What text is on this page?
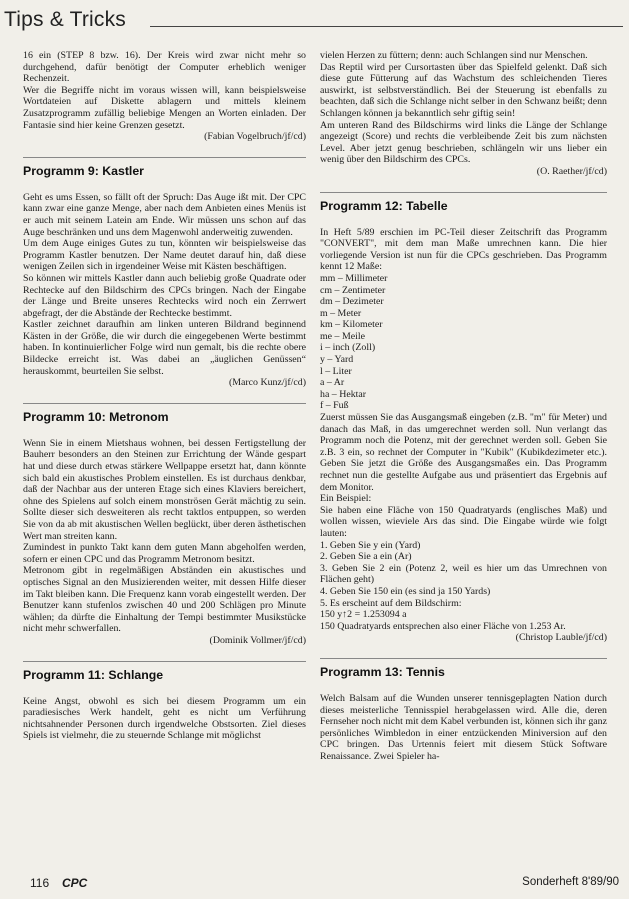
Tips & Tricks

16 ein (STEP 8 bzw. 16). Der Kreis wird zwar nicht mehr so durchgehend, dafür benötigt der Computer erheblich weniger Rechenzeit.

Wer die Begriffe nicht im voraus wissen will, kann beispielsweise Wortdateien auf Diskette ablagern und mittels kleinem Zusatzprogramm zufällig beliebige Mengen an Worten einladen. Der Fantasie sind hier keine Grenzen gesetzt.

(Fabian Vogelbruch/jf/cd)

Programm 9: Kastler

Geht es ums Essen, so fällt oft der Spruch: Das Auge ißt mit. Der CPC kann zwar eine ganze Menge, aber nach dem Anbieten eines Menüs ist er auch mit seinem Latein am Ende. Wir müssen uns schon auf das Auge beschränken und uns dem Magenwohl anderweitig zuwenden.

Um dem Auge einiges Gutes zu tun, könnten wir beispielsweise das Programm Kastler benutzen. Der Name deutet darauf hin, daß diese wenigen Zeilen sich in irgendeiner Weise mit Kästen beschäftigen.

So können wir mittels Kastler dann auch beliebig große Quadrate oder Rechtecke auf den Bildschirm des CPCs bringen. Nach der Eingabe der Länge und Breite unseres Rechtecks wird noch ein Zerrwert abgefragt, der die Abstände der Rechtecke bestimmt.

Kastler zeichnet daraufhin am linken unteren Bildrand beginnend Kästen in der Größe, die wir durch die eingegebenen Werte bestimmt haben. In kontinuierlicher Folge wird nun gemalt, bis die rechte obere Bildecke erreicht ist. Was dabei an „äuglichen Genüssen“ herauskommt, beurteilen Sie selbst.

(Marco Kunz/jf/cd)

Programm 10: Metronom

Wenn Sie in einem Mietshaus wohnen, bei dessen Fertigstellung der Bauherr besonders an den Steinen zur Errichtung der Wände gespart hat und diese durch etwas stärkere Wellpappe ersetzt hat, dann könnte sich bald ein akustisches Problem einstellen. Es ist durchaus denkbar, daß der Nachbar aus der unteren Etage sich eines Klaviers bereichert, ohne des Spielens auf solch einem monströsen Gerät mächtig zu sein. Sollte dieser sich desweiteren als recht taktlos entpuppen, so werden Sie von da ab mit akustischen Wellen beglückt, über deren ästhetischen Wert man streiten kann.

Zumindest in punkto Takt kann dem guten Mann abgeholfen werden, sofern er einen CPC und das Programm Metronom besitzt.

Metronom gibt in regelmäßigen Abständen ein akustisches und optisches Signal an den Musizierenden weiter, mit dessen Hilfe dieser im Takt bleiben kann. Die Frequenz kann vorab eingestellt werden. Der Benutzer kann stufenlos zwischen 40 und 200 Schlägen pro Minute wählen; da dürfte die Einhaltung der Tempi bestimmter Musikstücke nicht mehr schwerfallen.

(Dominik Vollmer/jf/cd)

Programm 11: Schlange

Keine Angst, obwohl es sich bei diesem Programm um ein paradiesisches Werk handelt, geht es nicht um Verführung nichtsahnender Personen durch irgendwelche Obstsorten. Ziel dieses Spiels ist vielmehr, die zu steuernde Schlange mit möglichst

vielen Herzen zu füttern; denn: auch Schlangen sind nur Menschen.

Das Reptil wird per Cursortasten über das Spielfeld gelenkt. Daß sich diese gute Fütterung auf das Wachstum des schleichenden Tieres auswirkt, ist selbstverständlich. Bei der Steuerung ist ebenfalls zu beachten, daß sich die Schlange nicht selber in den Schwanz beißt; denn Schlangen können ja bekanntlich sehr giftig sein!

Am unteren Rand des Bildschirms wird links die Länge der Schlange angezeigt (Score) und rechts die verbleibende Zeit bis zum nächsten Level. Aber jetzt genug beschrieben, schlängeln wir uns lieber ein wenig über den Bildschirm des CPCs.

(O. Raether/jf/cd)

Programm 12: Tabelle

In Heft 5/89 erschien im PC-Teil dieser Zeitschrift das Programm "CONVERT", mit dem man Maße umrechnen kann. Die hier vorliegende Version ist nun für die CPCs geschrieben. Das Programm kennt 12 Maße:

mm – Millimeter
cm – Zentimeter
dm – Dezimeter
m – Meter
km – Kilometer
me – Meile
i – inch (Zoll)
y – Yard
l – Liter
a – Ar
ha – Hektar
f – Fuß

Zuerst müssen Sie das Ausgangsmaß eingeben (z.B. "m" für Meter) und danach das Maß, in das umgerechnet werden soll. Nun verlangt das Programm noch die Potenz, mit der gerechnet werden soll. Geben Sie z.B. 3 ein, so rechnet der Computer in "Kubik" (Kubikdezimeter etc.). Geben Sie jetzt die Größe des Ausgangsmaßes ein. Das Programm rechnet nun die gestellte Aufgabe aus und präsentiert das Ergebnis auf dem Monitor.

Ein Beispiel:

Sie haben eine Fläche von 150 Quadratyards (englisches Maß) und wollen wissen, wieviele Ars das sind. Die Eingabe würde wie folgt lauten:

1. Geben Sie y ein (Yard)

2. Geben Sie a ein (Ar)

3. Geben Sie 2 ein (Potenz 2, weil es hier um das Umrechnen von Flächen geht)

4. Geben Sie 150 ein (es sind ja 150 Yards)

5. Es erscheint auf dem Bildschirm:

150 y↑2 = 1.253094 a

150 Quadratyards entsprechen also einer Fläche von 1.253 Ar.

(Christop Lauble/jf/cd)

Programm 13: Tennis

Welch Balsam auf die Wunden unserer tennisgeplagten Nation durch dieses meisterliche Tennisspiel herabgelassen wird. Alle die, deren Fernseher noch nicht mit dem Kabel verbunden ist, können sich ihr ganz persönliches Wimbledon in einer entzückenden Miniversion auf den CPC bringen. Das Urtennis feiert mit diesem Stück Software Renaissance. Zwei Spieler ha-

116 CPC	Sonderheft 8'89/90
